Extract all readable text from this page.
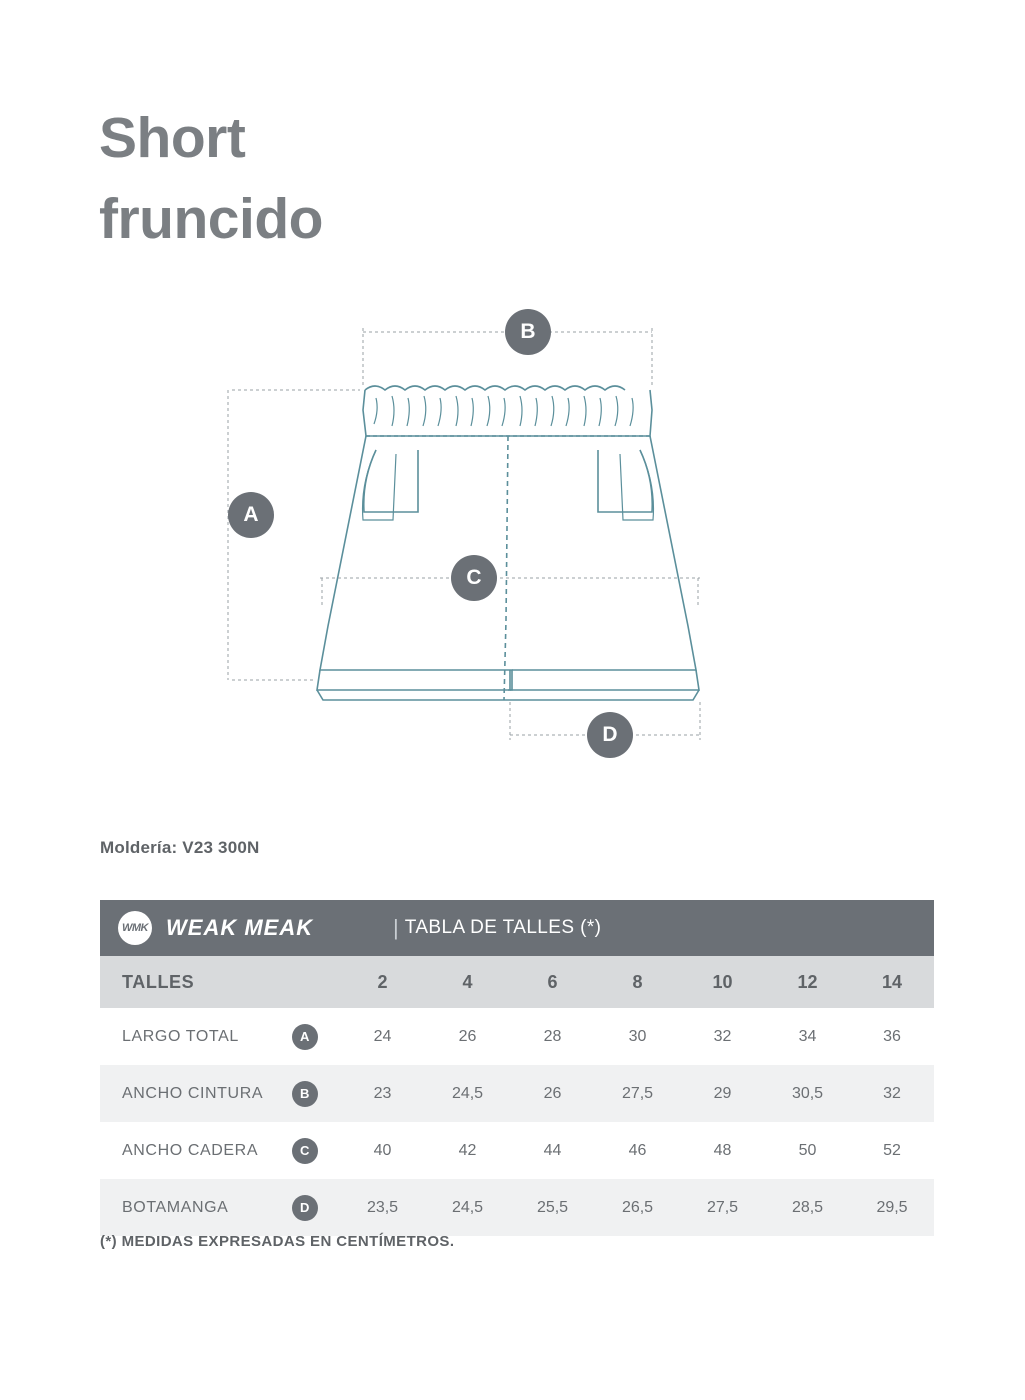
Short
fruncido
A
B
C
D
Moldería: V23 300N
WMK WEAK MEAK	| TABLA DE TALLES (*)

TALLES	2	4	6	8	10	12	14

LARGO TOTAL A	24	26	28	30	32	34	36

ANCHO CINTURA B	23	24,5	26	27,5	29	30,5	32

ANCHO CADERA C	40	42	44	46	48	50	52

BOTAMANGA D	23,5	24,5	25,5	26,5	27,5	28,5	29,5
(*) MEDIDAS EXPRESADAS EN CENTÍMETROS.
